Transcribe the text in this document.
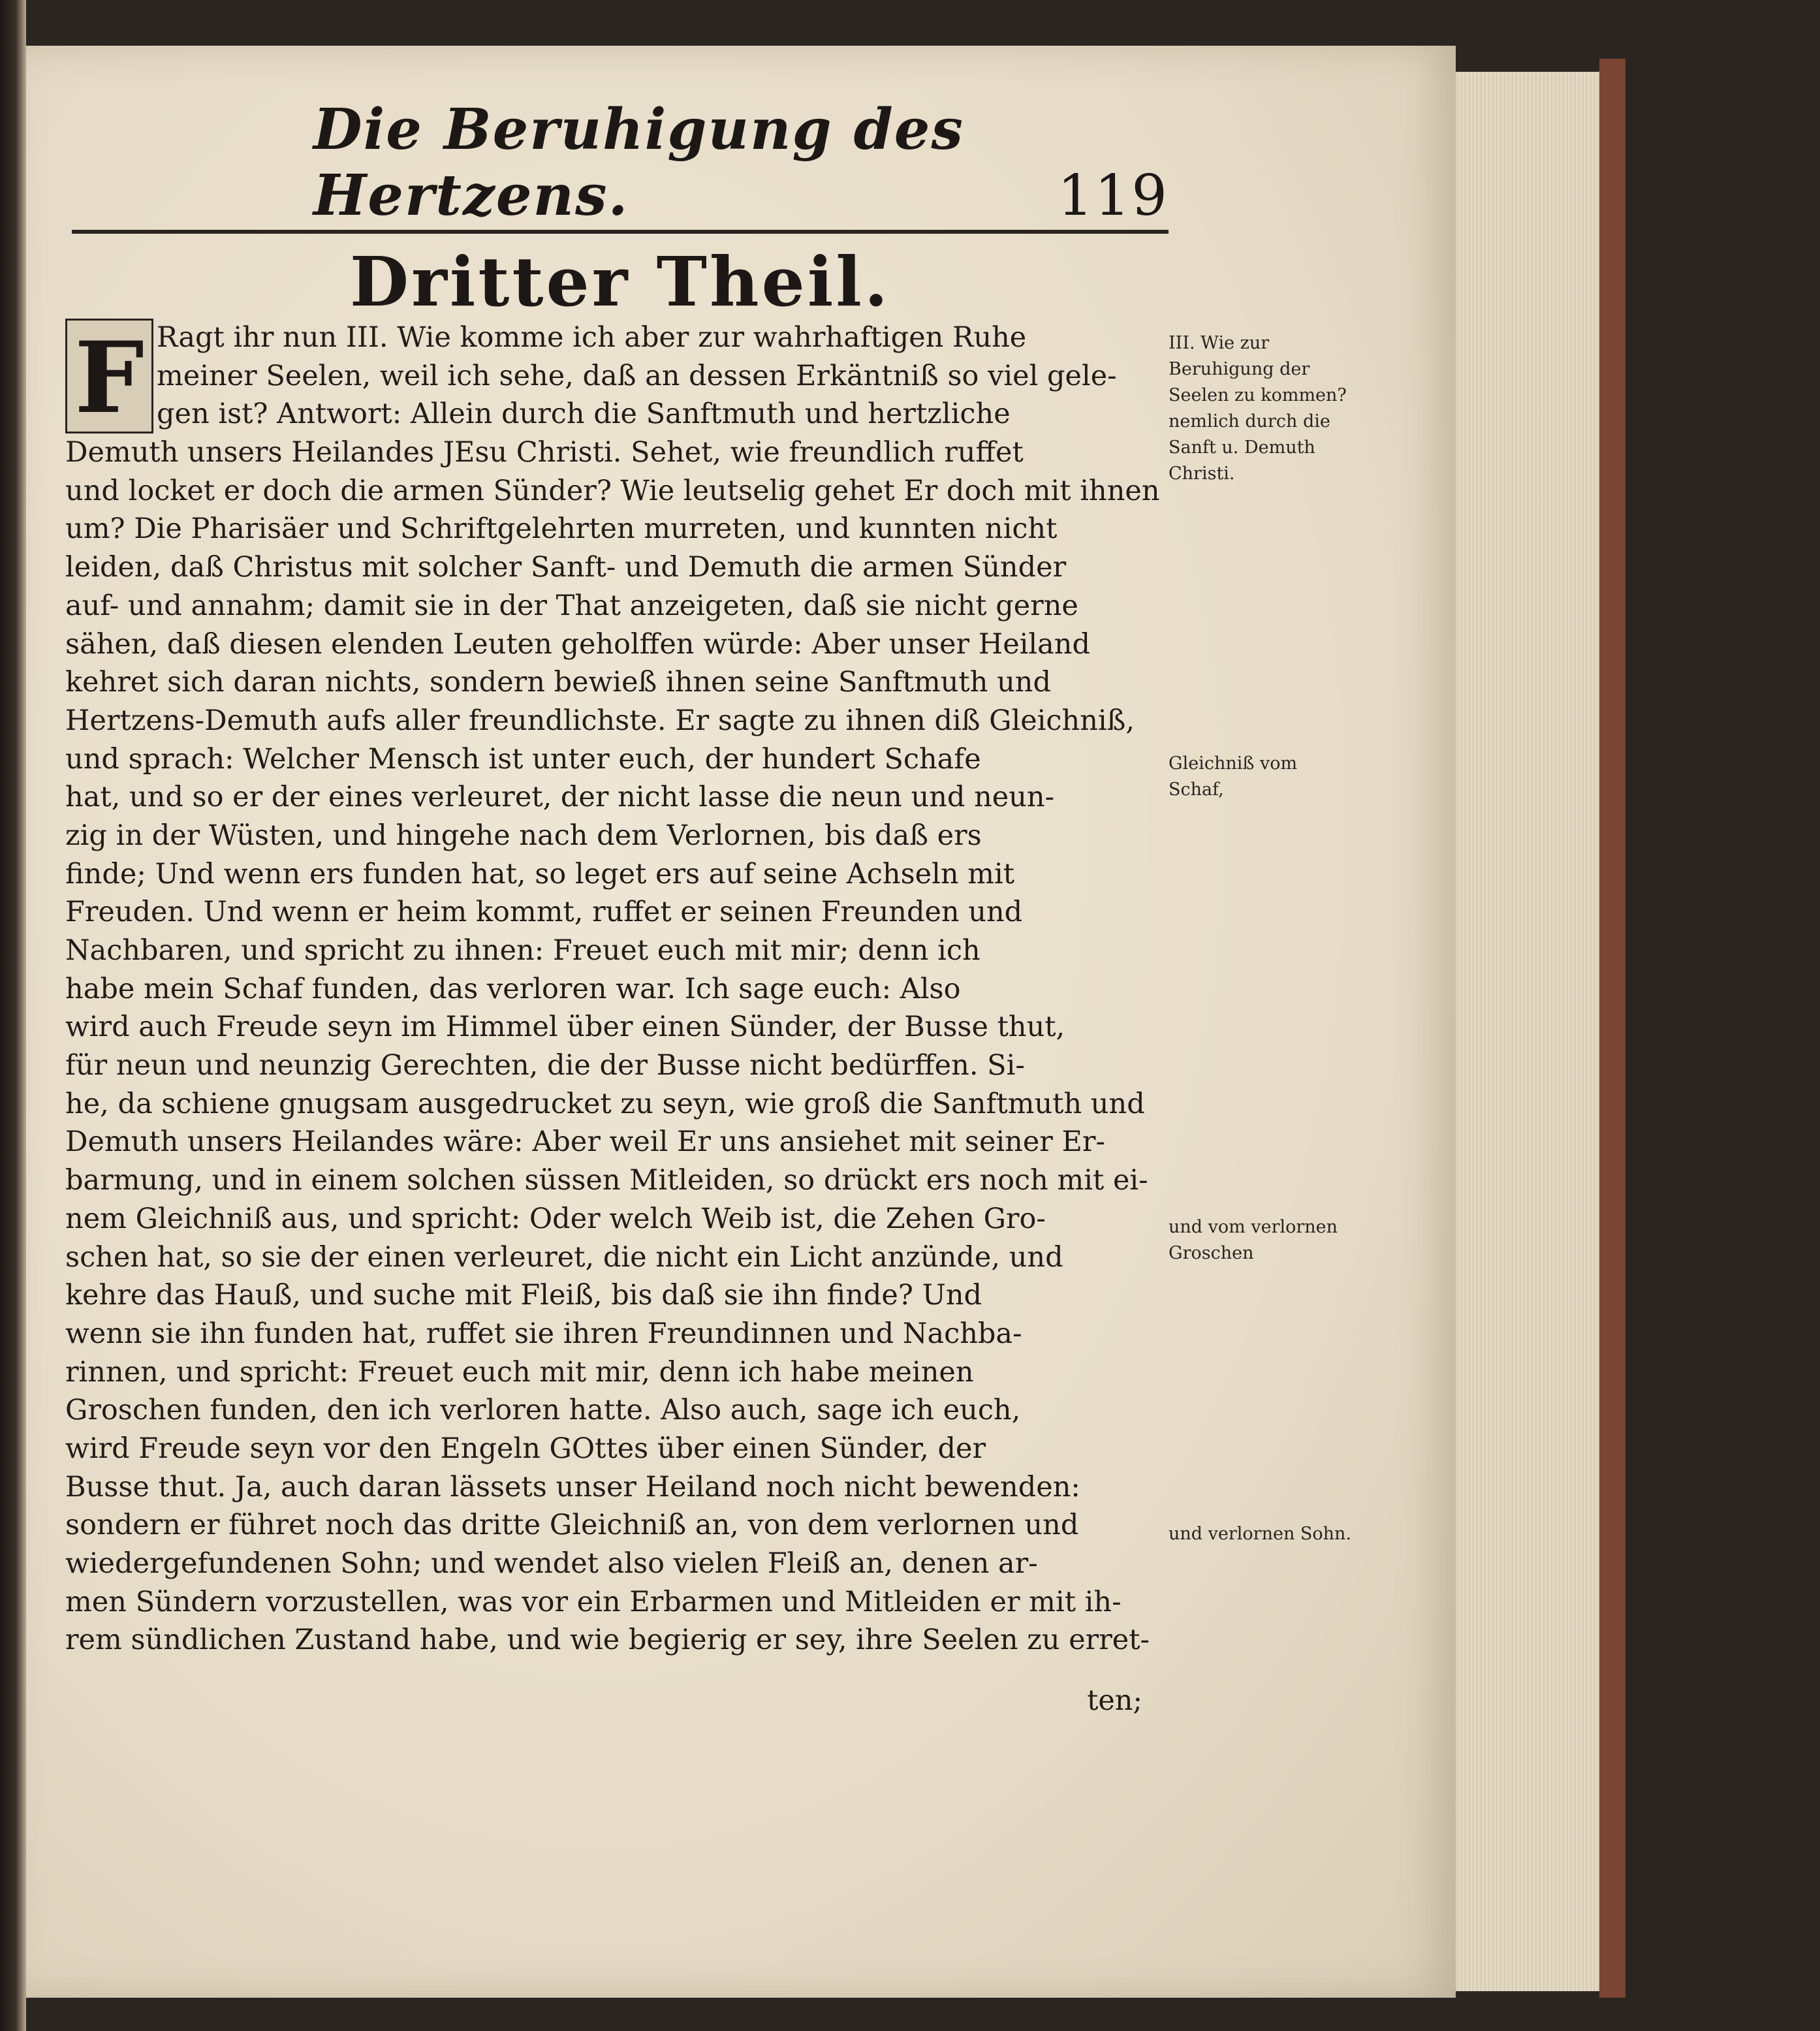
Die Beruhigung des Hertzens.	119
Dritter Theil.
F Ragt ihr nun III. Wie komme ich aber zur wahrhaftigen Ruhe
meiner Seelen, weil ich sehe, daß an dessen Erkäntniß so viel gele-
gen ist? Antwort: Allein durch die Sanftmuth und hertzliche
Demuth unsers Heilandes JEsu Christi. Sehet, wie freundlich ruffet
und locket er doch die armen Sünder? Wie leutselig gehet Er doch mit ihnen
um? Die Pharisäer und Schriftgelehrten murreten, und kunnten nicht
leiden, daß Christus mit solcher Sanft- und Demuth die armen Sünder
auf- und annahm; damit sie in der That anzeigeten, daß sie nicht gerne
sähen, daß diesen elenden Leuten geholffen würde: Aber unser Heiland
kehret sich daran nichts, sondern bewieß ihnen seine Sanftmuth und
Hertzens-Demuth aufs aller freundlichste. Er sagte zu ihnen diß Gleichniß,
und sprach: Welcher Mensch ist unter euch, der hundert Schafe
hat, und so er der eines verleuret, der nicht lasse die neun und neun-
zig in der Wüsten, und hingehe nach dem Verlornen, bis daß ers
finde; Und wenn ers funden hat, so leget ers auf seine Achseln mit
Freuden. Und wenn er heim kommt, ruffet er seinen Freunden und
Nachbaren, und spricht zu ihnen: Freuet euch mit mir; denn ich
habe mein Schaf funden, das verloren war. Ich sage euch: Also
wird auch Freude seyn im Himmel über einen Sünder, der Busse thut,
für neun und neunzig Gerechten, die der Busse nicht bedürffen. Si-
he, da schiene gnugsam ausgedrucket zu seyn, wie groß die Sanftmuth und
Demuth unsers Heilandes wäre: Aber weil Er uns ansiehet mit seiner Er-
barmung, und in einem solchen süssen Mitleiden, so drückt ers noch mit ei-
nem Gleichniß aus, und spricht: Oder welch Weib ist, die Zehen Gro-
schen hat, so sie der einen verleuret, die nicht ein Licht anzünde, und
kehre das Hauß, und suche mit Fleiß, bis daß sie ihn finde? Und
wenn sie ihn funden hat, ruffet sie ihren Freundinnen und Nachba-
rinnen, und spricht: Freuet euch mit mir, denn ich habe meinen
Groschen funden, den ich verloren hatte. Also auch, sage ich euch,
wird Freude seyn vor den Engeln GOttes über einen Sünder, der
Busse thut. Ja, auch daran lässets unser Heiland noch nicht bewenden:
sondern er führet noch das dritte Gleichniß an, von dem verlornen und
wiedergefundenen Sohn; und wendet also vielen Fleiß an, denen ar-
men Sündern vorzustellen, was vor ein Erbarmen und Mitleiden er mit ih-
rem sündlichen Zustand habe, und wie begierig er sey, ihre Seelen zu erret-
ten;
III. Wie zur Beruhigung der Seelen zu kommen? nemlich durch die Sanft u. Demuth Christi.
Gleichniß vom Schaf,
und vom verlornen Groschen
und verlornen Sohn.
